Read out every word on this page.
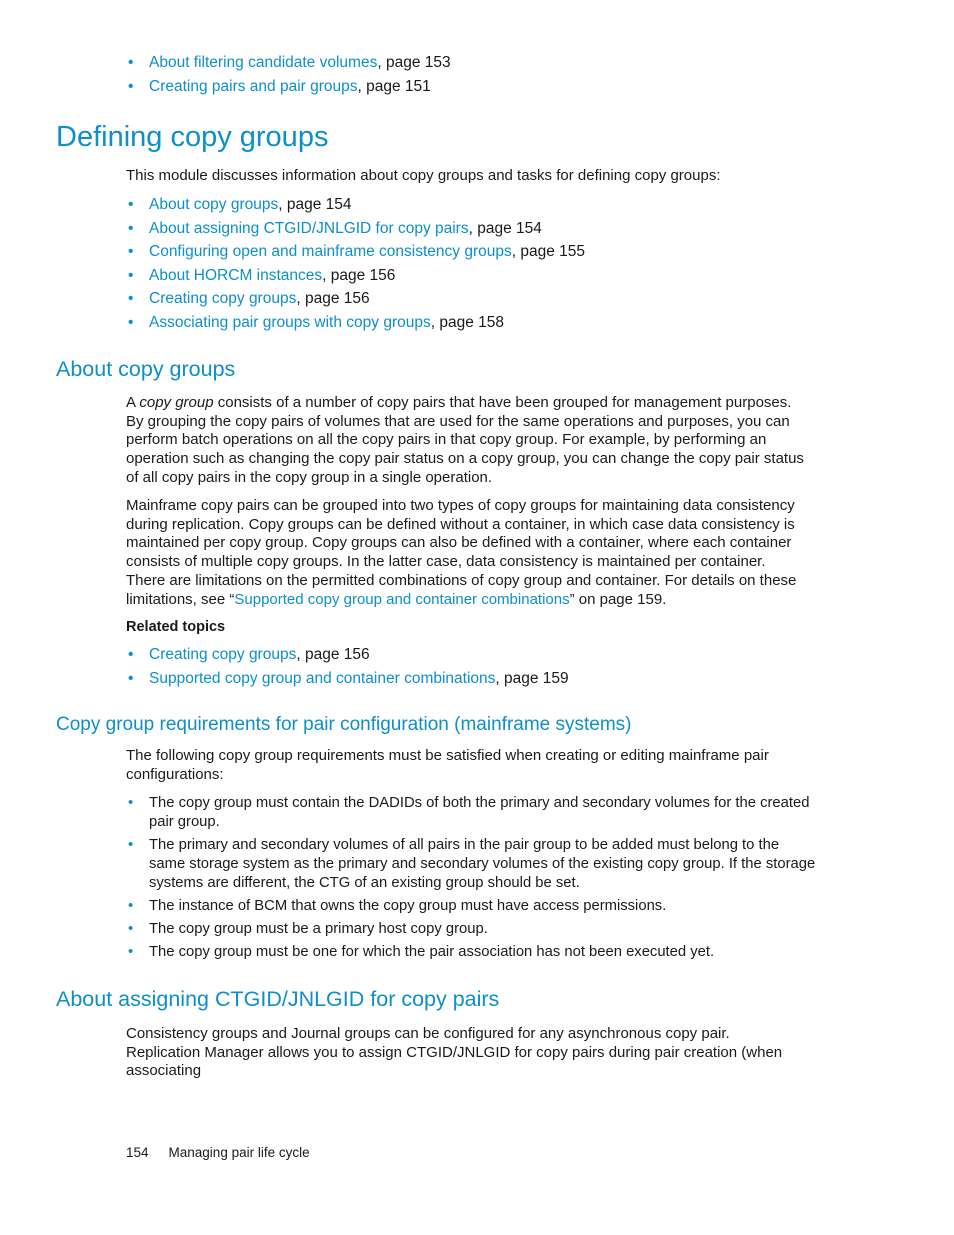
• About filtering candidate volumes, page 153
• Creating pairs and pair groups, page 151
Defining copy groups

This module discusses information about copy groups and tasks for defining copy groups:

• About copy groups, page 154
• About assigning CTGID/JNLGID for copy pairs, page 154
• Configuring open and mainframe consistency groups, page 155
• About HORCM instances, page 156
• Creating copy groups, page 156
• Associating pair groups with copy groups, page 158
About copy groups

A copy group consists of a number of copy pairs that have been grouped for management purposes. By grouping the copy pairs of volumes that are used for the same operations and purposes, you can perform batch operations on all the copy pairs in that copy group. For example, by performing an operation such as changing the copy pair status on a copy group, you can change the copy pair status of all copy pairs in the copy group in a single operation.

Mainframe copy pairs can be grouped into two types of copy groups for maintaining data consistency during replication. Copy groups can be defined without a container, in which case data consistency is maintained per copy group. Copy groups can also be defined with a container, where each container consists of multiple copy groups. In the latter case, data consistency is maintained per container. There are limitations on the permitted combinations of copy group and container. For details on these limitations, see “Supported copy group and container combinations” on page 159.

Related topics

• Creating copy groups, page 156
• Supported copy group and container combinations, page 159
Copy group requirements for pair configuration (mainframe systems)

The following copy group requirements must be satisfied when creating or editing mainframe pair configurations:

• The copy group must contain the DADIDs of both the primary and secondary volumes for the created pair group.
• The primary and secondary volumes of all pairs in the pair group to be added must belong to the same storage system as the primary and secondary volumes of the existing copy group. If the storage systems are different, the CTG of an existing group should be set.
• The instance of BCM that owns the copy group must have access permissions.
• The copy group must be a primary host copy group.
• The copy group must be one for which the pair association has not been executed yet.
About assigning CTGID/JNLGID for copy pairs

Consistency groups and Journal groups can be configured for any asynchronous copy pair. Replication Manager allows you to assign CTGID/JNLGID for copy pairs during pair creation (when associating

154 Managing pair life cycle
